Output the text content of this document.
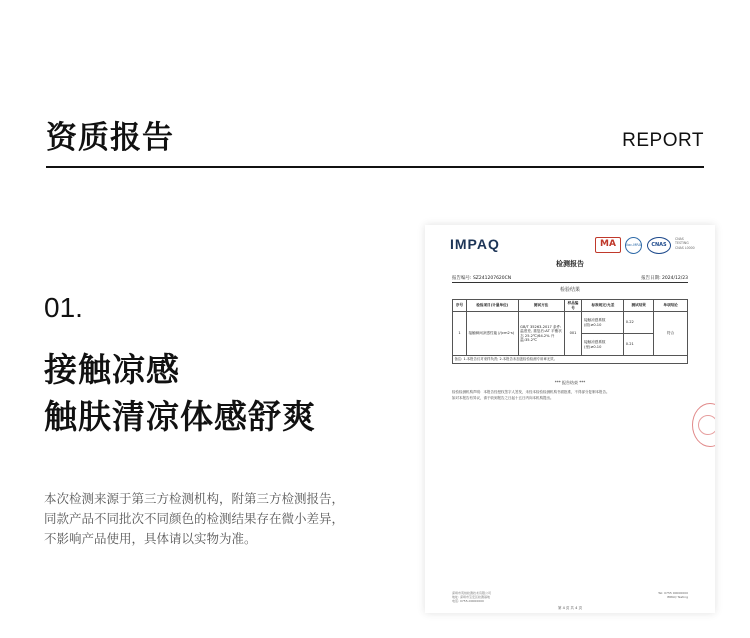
资质报告	REPORT
01.
接触凉感
触肤清凉体感舒爽
本次检测来源于第三方检测机构，附第三方检测报告，
同款产品不同批次不同颜色的检测结果存在微小差异，
不影响产品使用，具体请以实物为准。
IMPAQ	MA	ilac-MRA	CNAS
CNAS
TESTING
CNAS L0000
检测报告
报告编号: SZ241207620CN	报告日期: 2024/12/23
检验结果
序号	检验项目(计量单位)	测试方法	样品编号	标准规定/允差	测试结果	单项结论
1	接触瞬间凉感性能 J/(cm2·s)	GB/T 35263-2017 条件:温度差, 重复后:ΔT 平衡状态 25.2℃/64.2% 升温:35.2℃	001	接触凉感系数(面)≥0.10	0.22	符合
				接触凉感系数(里)≥0.10	0.21	
备注: 1.本报告仅对来样负责; 2.本报告未加盖检验检测专用章无效。						
*** 报告结束 ***
检验检测机构声明：本报告经授权签字人签发，未经本检验检测机构书面批准，不得部分复制本报告。
如对本报告有异议，请于收到报告之日起十五日内向本机构提出。
深圳市英柏检测技术有限公司
地址: 深圳市宝安区检测基地
电话: 0755-00000000
Tel: 0755 00000000
IMPAQ Testing
第 4 页 共 4 页
